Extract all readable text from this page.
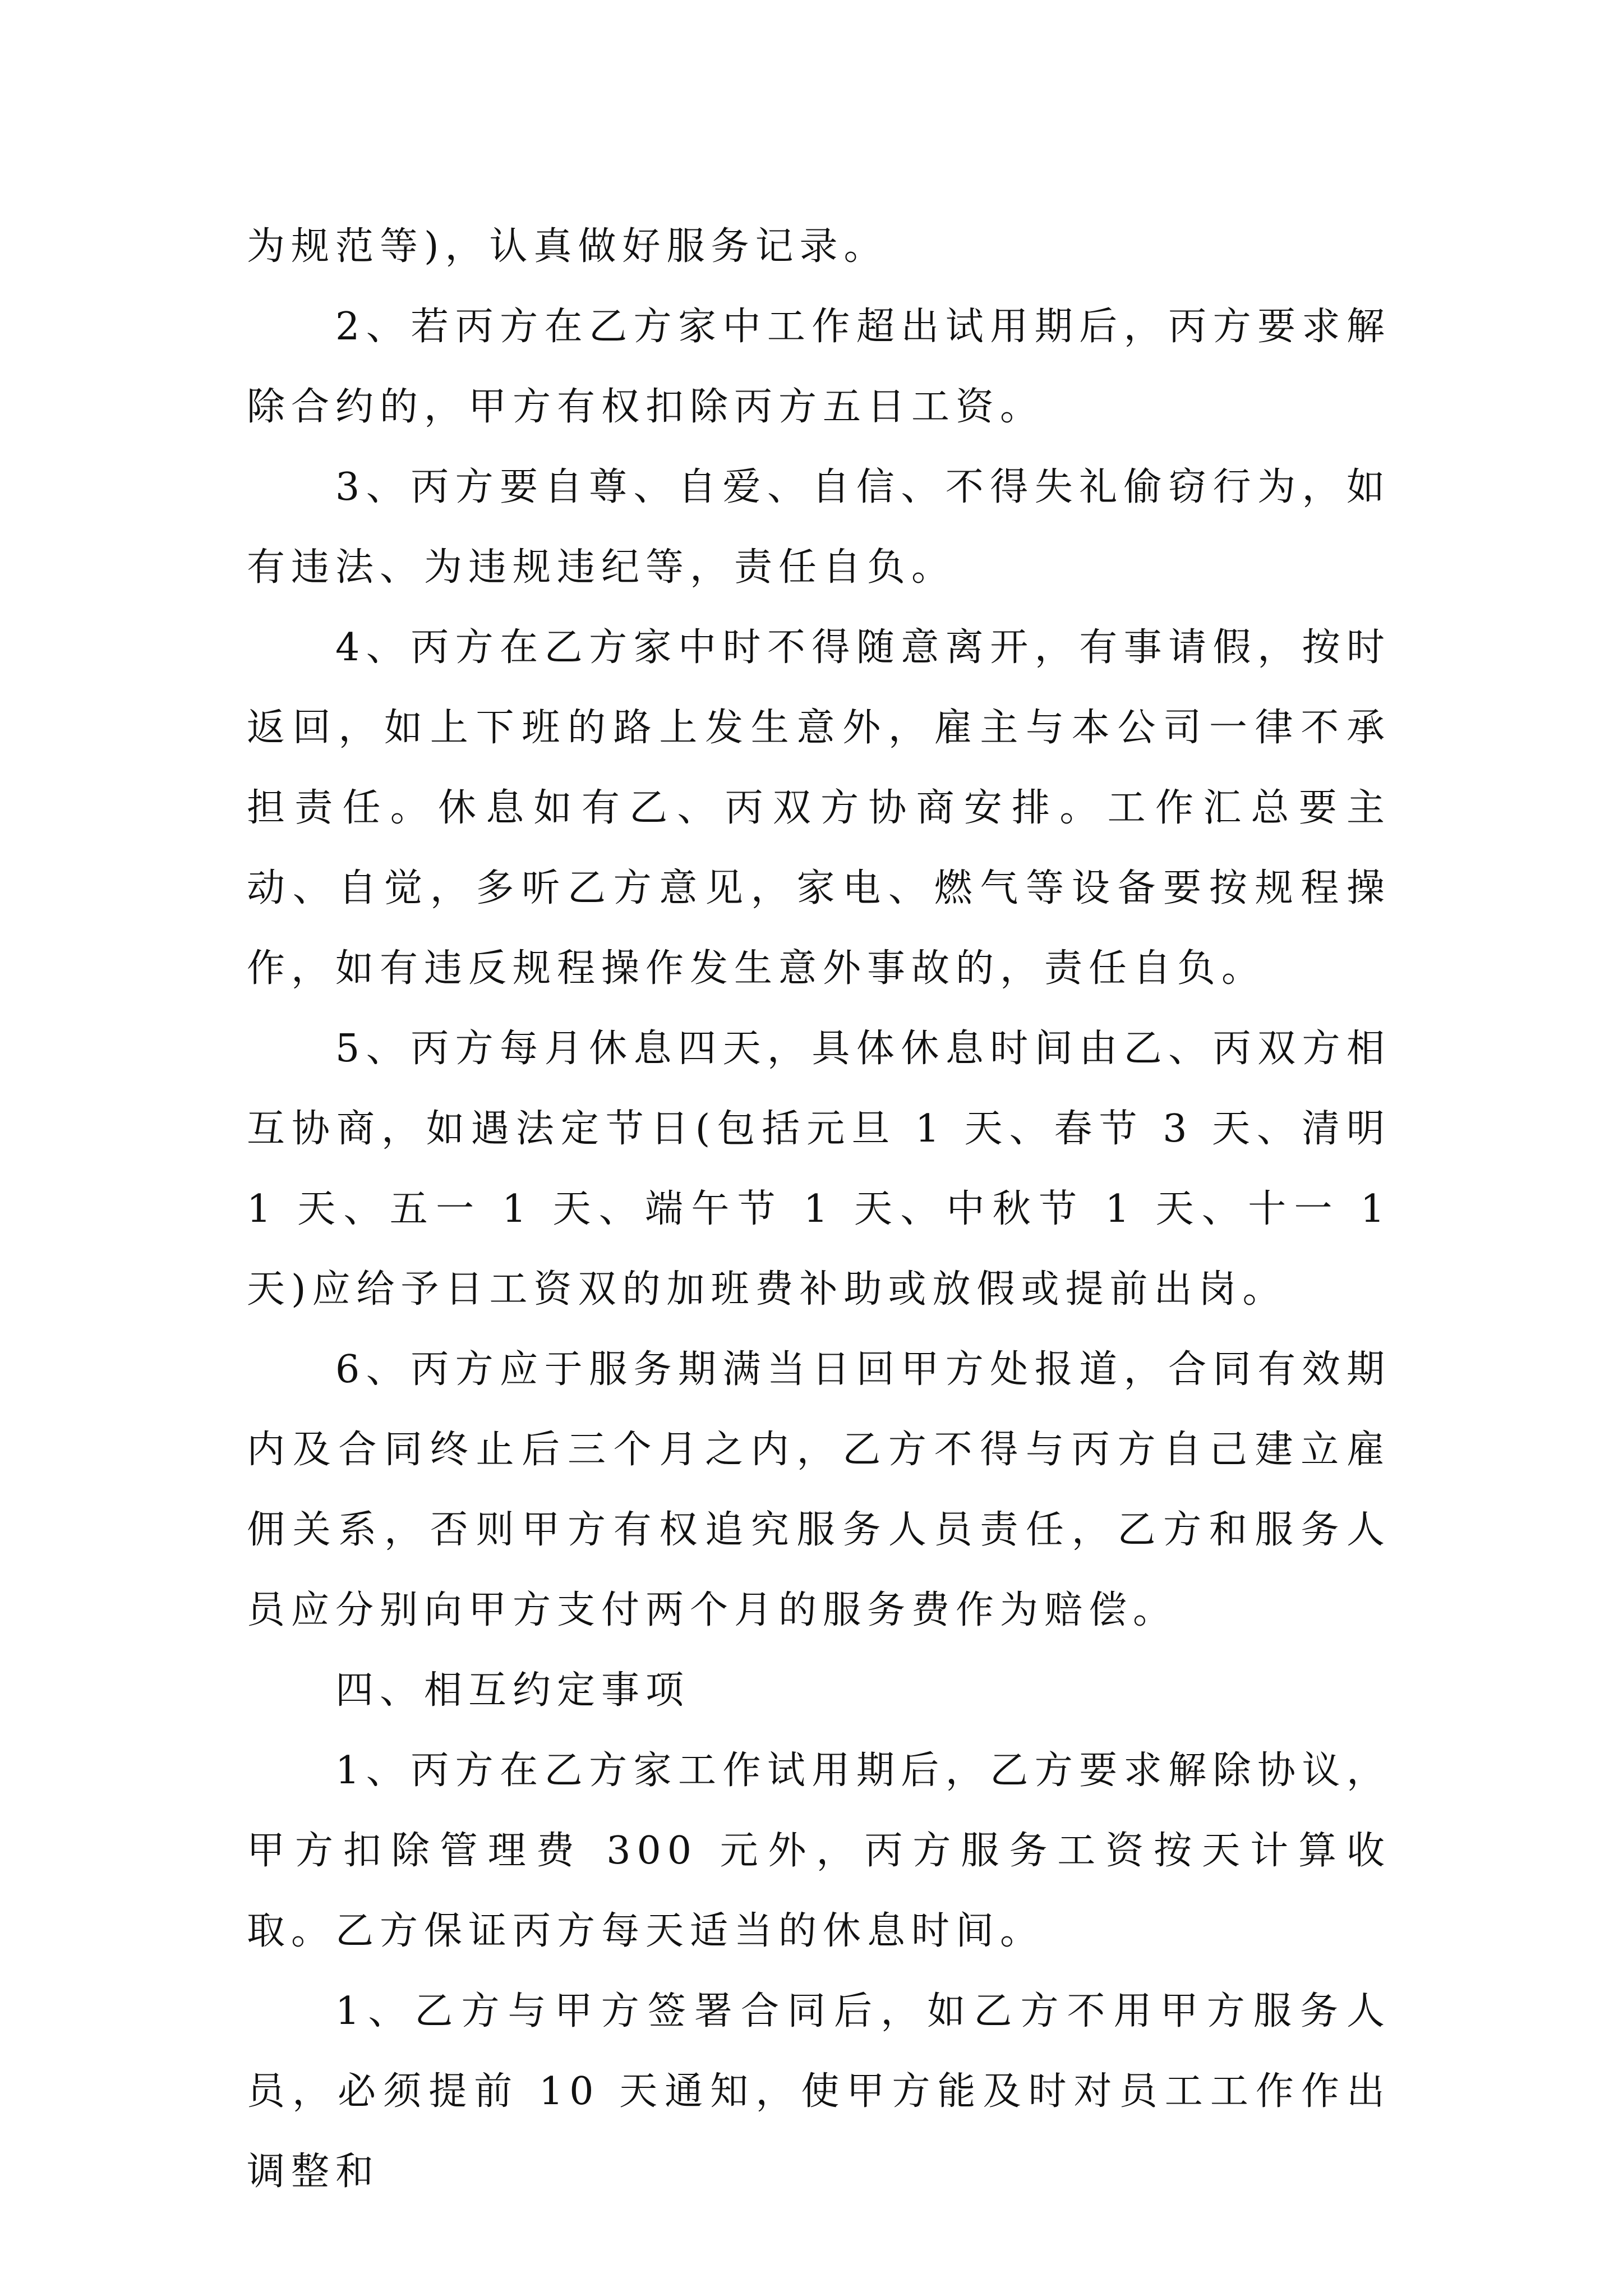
为规范等)，认真做好服务记录。

2、若丙方在乙方家中工作超出试用期后，丙方要求解除合约的，甲方有权扣除丙方五日工资。

3、丙方要自尊、自爱、自信、不得失礼偷窃行为，如有违法、为违规违纪等，责任自负。

4、丙方在乙方家中时不得随意离开，有事请假，按时返回，如上下班的路上发生意外，雇主与本公司一律不承担责任。休息如有乙、丙双方协商安排。工作汇总要主动、自觉，多听乙方意见，家电、燃气等设备要按规程操作，如有违反规程操作发生意外事故的，责任自负。

5、丙方每月休息四天，具体休息时间由乙、丙双方相互协商，如遇法定节日(包括元旦 1 天、春节 3 天、清明 1 天、五一 1 天、端午节 1 天、中秋节 1 天、十一 1 天)应给予日工资双的加班费补助或放假或提前出岗。

6、丙方应于服务期满当日回甲方处报道，合同有效期内及合同终止后三个月之内，乙方不得与丙方自己建立雇佣关系，否则甲方有权追究服务人员责任，乙方和服务人员应分别向甲方支付两个月的服务费作为赔偿。

四、相互约定事项

1、丙方在乙方家工作试用期后，乙方要求解除协议，甲方扣除管理费 300 元外，丙方服务工资按天计算收取。乙方保证丙方每天适当的休息时间。

1、乙方与甲方签署合同后，如乙方不用甲方服务人员，必须提前 10 天通知，使甲方能及时对员工工作作出调整和
